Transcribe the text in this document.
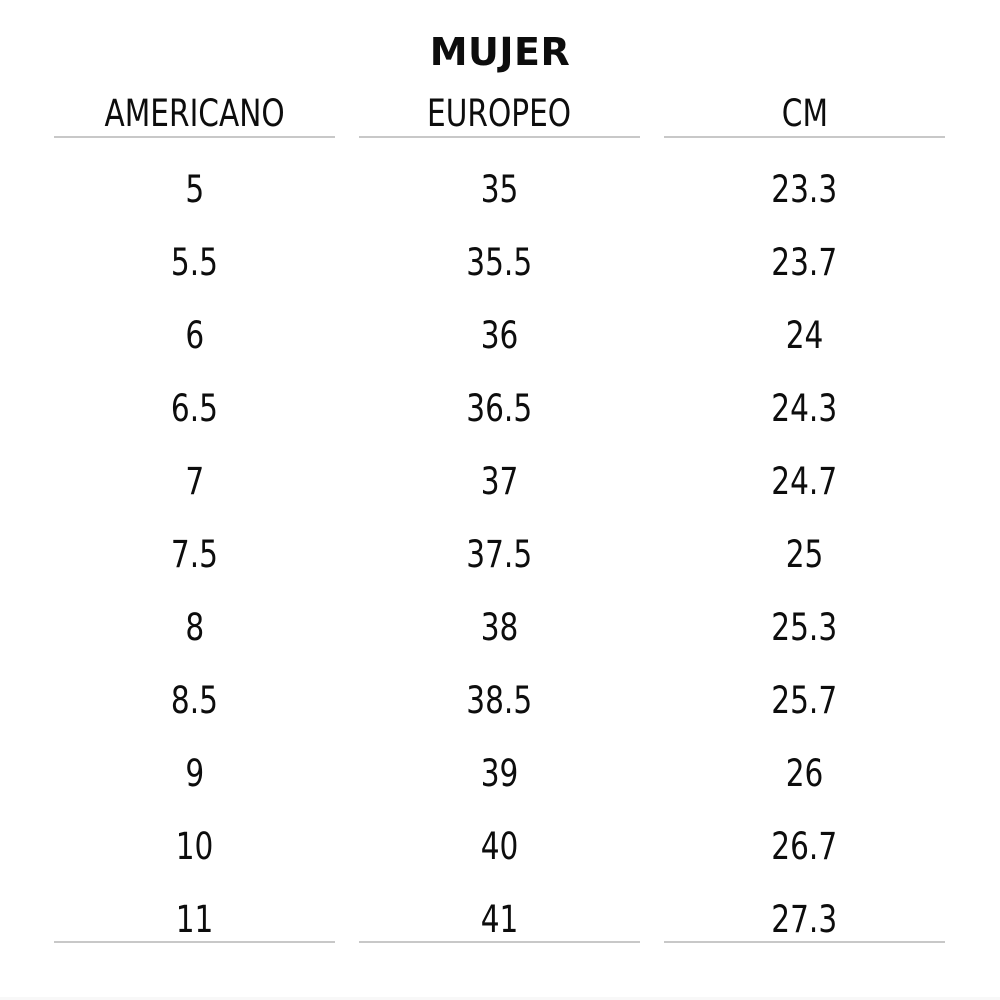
MUJER
AMERICANO	EUROPEO	CM
5	35	23.3
5.5	35.5	23.7
6	36	24
6.5	36.5	24.3
7	37	24.7
7.5	37.5	25
8	38	25.3
8.5	38.5	25.7
9	39	26
10	40	26.7
11	41	27.3
